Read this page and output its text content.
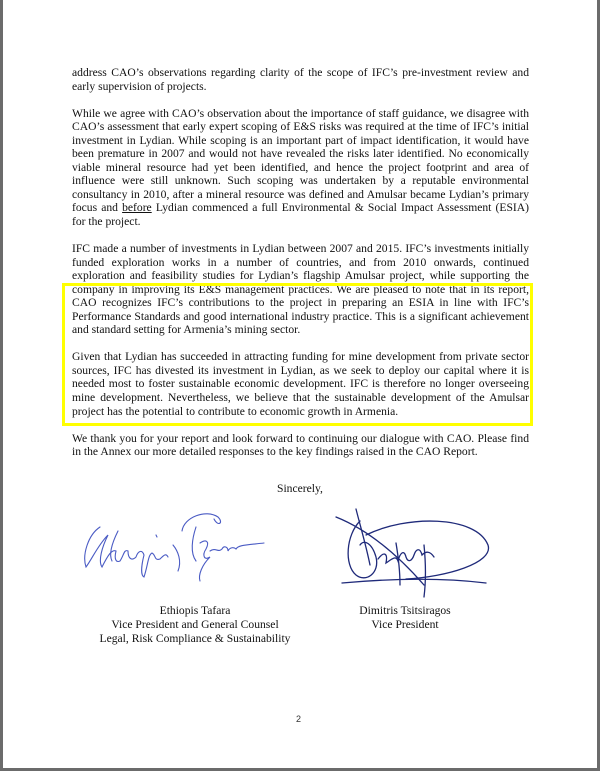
address CAO’s observations regarding clarity of the scope of IFC’s pre-investment review and early supervision of projects.

While we agree with CAO’s observation about the importance of staff guidance, we disagree with CAO’s assessment that early expert scoping of E&S risks was required at the time of IFC’s initial investment in Lydian. While scoping is an important part of impact identification, it would have been premature in 2007 and would not have revealed the risks later identified. No economically viable mineral resource had yet been identified, and hence the project footprint and area of influence were still unknown. Such scoping was undertaken by a reputable environmental consultancy in 2010, after a mineral resource was defined and Amulsar became Lydian’s primary focus and before Lydian commenced a full Environmental & Social Impact Assessment (ESIA) for the project.

IFC made a number of investments in Lydian between 2007 and 2015. IFC’s investments initially funded exploration works in a number of countries, and from 2010 onwards, continued exploration and feasibility studies for Lydian’s flagship Amulsar project, while supporting the company in improving its E&S management practices. We are pleased to note that in its report, CAO recognizes IFC’s contributions to the project in preparing an ESIA in line with IFC’s Performance Standards and good international industry practice. This is a significant achievement and standard setting for Armenia’s mining sector.

Given that Lydian has succeeded in attracting funding for mine development from private sector sources, IFC has divested its investment in Lydian, as we seek to deploy our capital where it is needed most to foster sustainable economic development. IFC is therefore no longer overseeing mine development. Nevertheless, we believe that the sustainable development of the Amulsar project has the potential to contribute to economic growth in Armenia.

We thank you for your report and look forward to continuing our dialogue with CAO. Please find in the Annex our more detailed responses to the key findings raised in the CAO Report.

Sincerely,
Ethiopis Tafara
Vice President and General Counsel
Legal, Risk Compliance & Sustainability
Dimitris Tsitsiragos
Vice President
2
